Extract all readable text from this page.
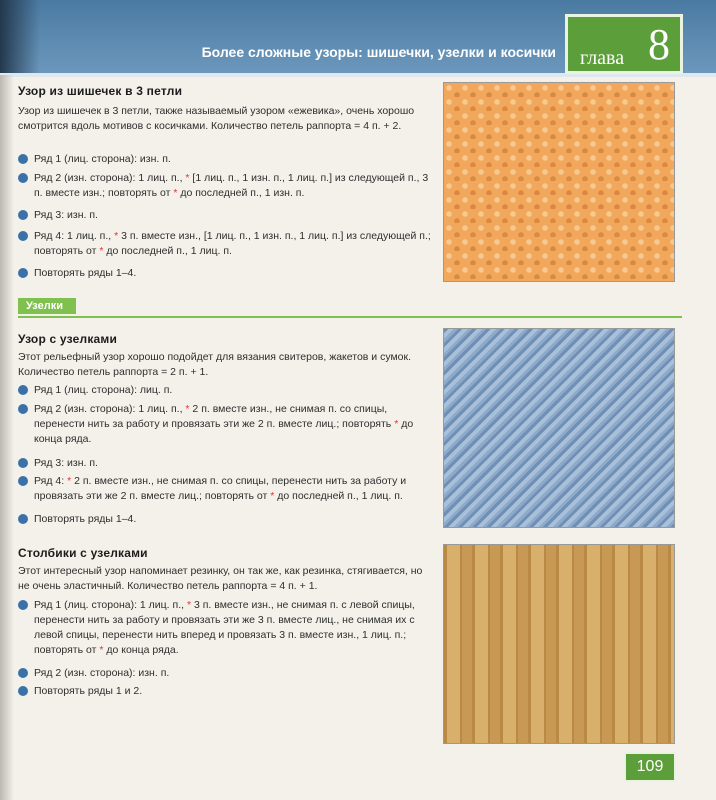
Более сложные узоры: шишечки, узелки и косички глава 8
Узор из шишечек в 3 петли
Узор из шишечек в 3 петли, также называемый узором «ежевика», очень хорошо смотрится вдоль мотивов с косичками. Количество петель раппорта = 4 п. + 2.
Ряд 1 (лиц. сторона): изн. п.
Ряд 2 (изн. сторона): 1 лиц. п., * [1 лиц. п., 1 изн. п., 1 лиц. п.] из следующей п., 3 п. вместе изн.; повторять от * до последней п., 1 изн. п.
Ряд 3: изн. п.
Ряд 4: 1 лиц. п., * 3 п. вместе изн., [1 лиц. п., 1 изн. п., 1 лиц. п.] из следующей п.; повторять от * до последней п., 1 лиц. п.
Повторять ряды 1–4.
Узелки
Узор с узелками
Этот рельефный узор хорошо подойдет для вязания свитеров, жакетов и сумок. Количество петель раппорта = 2 п. + 1.
Ряд 1 (лиц. сторона): лиц. п.
Ряд 2 (изн. сторона): 1 лиц. п., * 2 п. вместе изн., не снимая п. со спицы, перенести нить за работу и провязать эти же 2 п. вместе лиц.; повторять * до конца ряда.
Ряд 3: изн. п.
Ряд 4: * 2 п. вместе изн., не снимая п. со спицы, перенести нить за работу и провязать эти же 2 п. вместе лиц.; повторять от * до последней п., 1 лиц. п.
Повторять ряды 1–4.
Столбики с узелками
Этот интересный узор напоминает резинку, он так же, как резинка, стягивается, но не очень эластичный. Количество петель раппорта = 4 п. + 1.
Ряд 1 (лиц. сторона): 1 лиц. п., * 3 п. вместе изн., не снимая п. с левой спицы, перенести нить за работу и провязать эти же 3 п. вместе лиц., не снимая их с левой спицы, перенести нить вперед и провязать 3 п. вместе изн., 1 лиц. п.; повторять от * до конца ряда.
Ряд 2 (изн. сторона): изн. п.
Повторять ряды 1 и 2.
109
